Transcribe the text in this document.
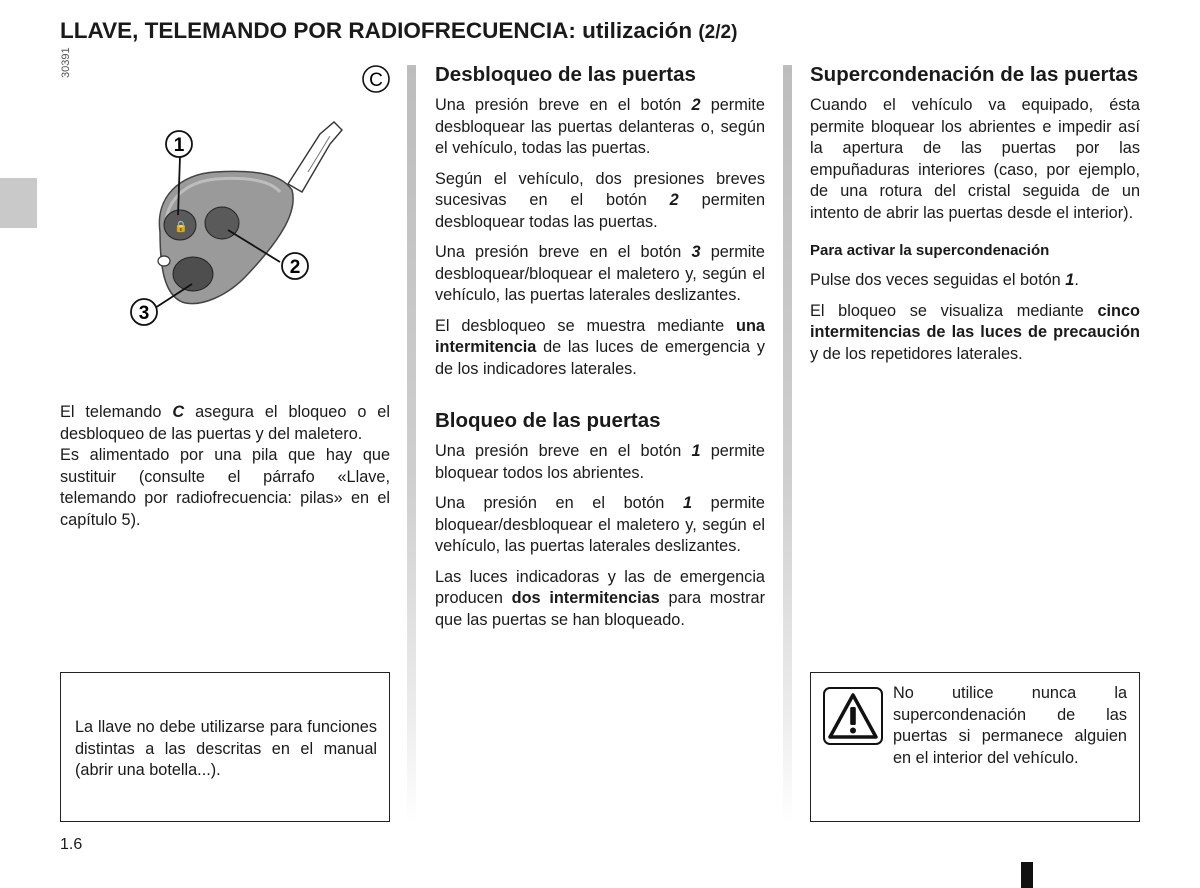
LLAVE, TELEMANDO POR RADIOFRECUENCIA: utilización (2/2)
30391
🔒
1
2
3
C

El telemando C asegura el bloqueo o el desbloqueo de las puertas y del maletero.

Es alimentado por una pila que hay que sustituir (consulte el párrafo «Llave, telemando por radiofrecuencia: pilas» en el capítulo 5).

La llave no debe utilizarse para funciones distintas a las descritas en el manual (abrir una botella...).

Desbloqueo de las puertas

Una presión breve en el botón 2 permite desbloquear las puertas delanteras o, según el vehículo, todas las puertas.

Según el vehículo, dos presiones breves sucesivas en el botón 2 permiten desbloquear todas las puertas.

Una presión breve en el botón 3 permite desbloquear/bloquear el maletero y, según el vehículo, las puertas laterales deslizantes.

El desbloqueo se muestra mediante una intermitencia de las luces de emergencia y de los indicadores laterales.

Bloqueo de las puertas

Una presión breve en el botón 1 permite bloquear todos los abrientes.

Una presión en el botón 1 permite bloquear/desbloquear el maletero y, según el vehículo, las puertas laterales deslizantes.

Las luces indicadoras y las de emergencia producen dos intermitencias para mostrar que las puertas se han bloqueado.

Supercondenación de las puertas

Cuando el vehículo va equipado, ésta permite bloquear los abrientes e impedir así la apertura de las puertas por las empuñaduras interiores (caso, por ejemplo, de una rotura del cristal seguida de un intento de abrir las puertas desde el interior).

Para activar la supercondenación

Pulse dos veces seguidas el botón 1.

El bloqueo se visualiza mediante cinco intermitencias de las luces de precaución y de los repetidores laterales.

No utilice nunca la supercondenación de las puertas si permanece alguien en el interior del vehículo.

1.6
